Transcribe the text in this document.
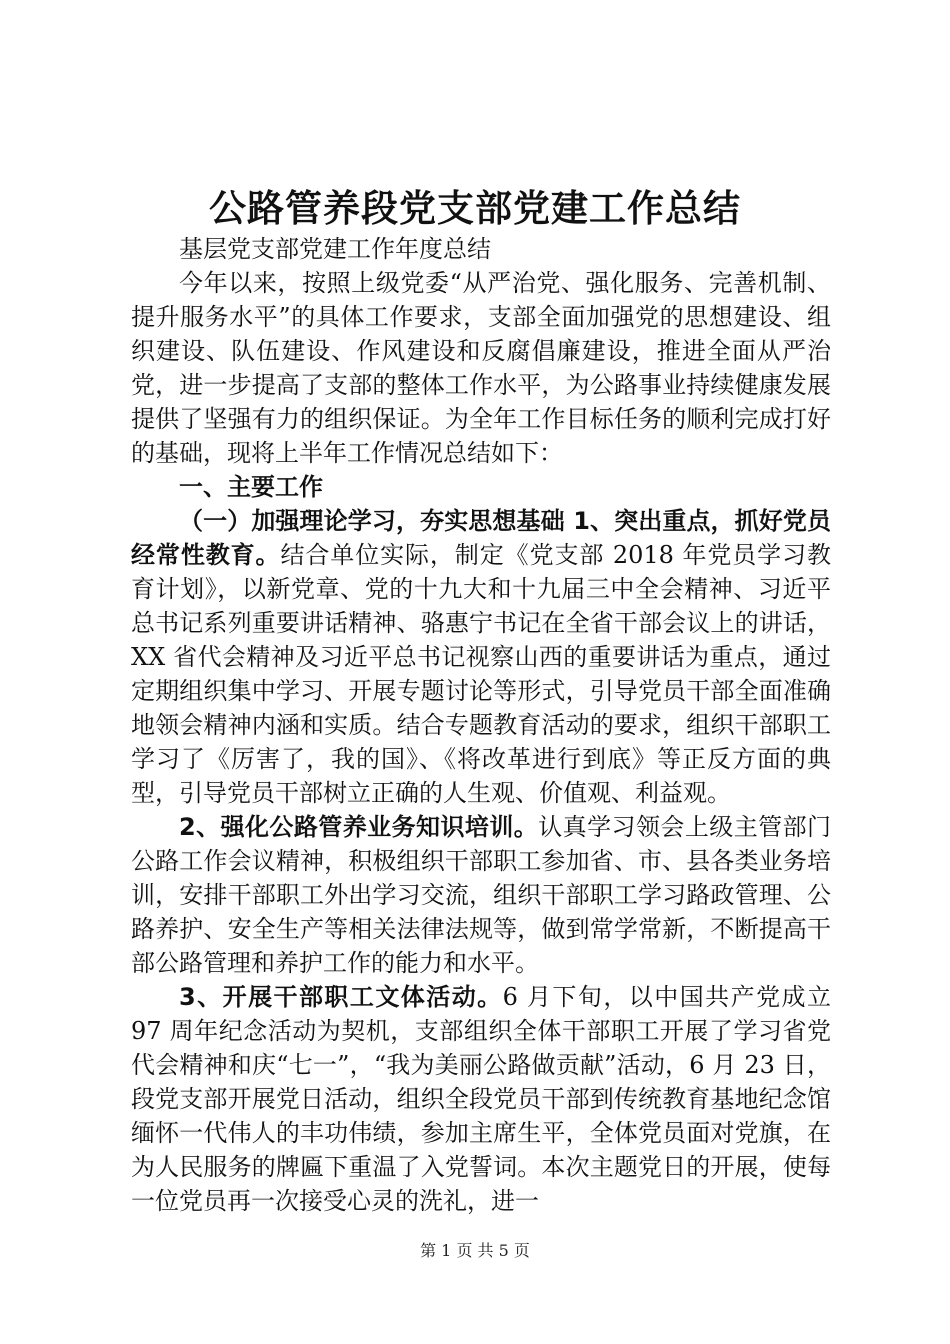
公路管养段党支部党建工作总结

基层党支部党建工作年度总结

今年以来，按照上级党委“从严治党、强化服务、完善机制、提升服务水平”的具体工作要求，支部全面加强党的思想建设、组织建设、队伍建设、作风建设和反腐倡廉建设，推进全面从严治党，进一步提高了支部的整体工作水平，为公路事业持续健康发展提供了坚强有力的组织保证。为全年工作目标任务的顺利完成打好的基础，现将上半年工作情况总结如下：

一、主要工作

（一）加强理论学习，夯实思想基础 1、突出重点，抓好党员经常性教育。结合单位实际，制定《党支部 2018 年党员学习教育计划》，以新党章、党的十九大和十九届三中全会精神、习近平总书记系列重要讲话精神、骆惠宁书记在全省干部会议上的讲话，XX 省代会精神及习近平总书记视察山西的重要讲话为重点，通过定期组织集中学习、开展专题讨论等形式，引导党员干部全面准确地领会精神内涵和实质。结合专题教育活动的要求，组织干部职工学习了《厉害了，我的国》、《将改革进行到底》等正反方面的典型，引导党员干部树立正确的人生观、价值观、利益观。

2、强化公路管养业务知识培训。认真学习领会上级主管部门公路工作会议精神，积极组织干部职工参加省、市、县各类业务培训，安排干部职工外出学习交流，组织干部职工学习路政管理、公路养护、安全生产等相关法律法规等，做到常学常新，不断提高干部公路管理和养护工作的能力和水平。

3、开展干部职工文体活动。6 月下旬，以中国共产党成立 97 周年纪念活动为契机，支部组织全体干部职工开展了学习省党代会精神和庆“七一”，“我为美丽公路做贡献”活动，6 月 23 日，段党支部开展党日活动，组织全段党员干部到传统教育基地纪念馆缅怀一代伟人的丰功伟绩，参加主席生平，全体党员面对党旗，在为人民服务的牌匾下重温了入党誓词。本次主题党日的开展，使每一位党员再一次接受心灵的洗礼，进一

第 1 页 共 5 页
